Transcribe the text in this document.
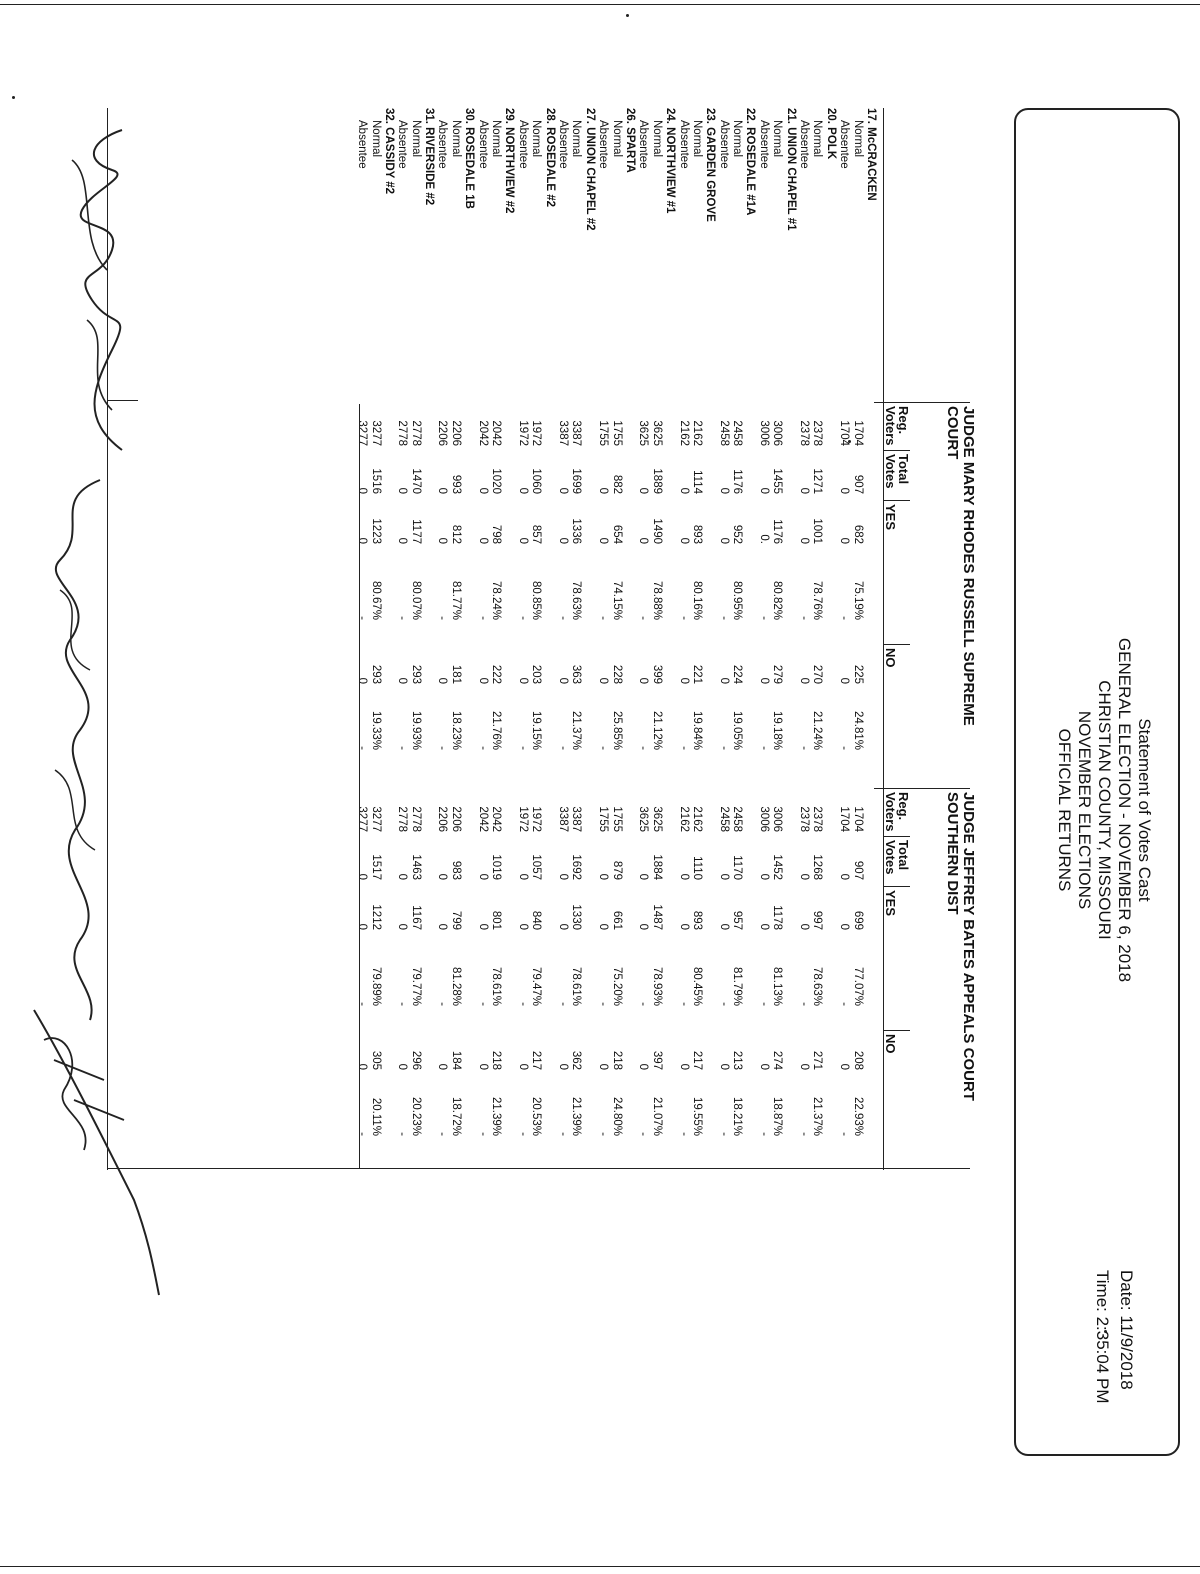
Statement of Votes Cast
GENERAL ELECTION - NOVEMBER 6, 2018
CHRISTIAN COUNTY, MISSOURI
NOVEMBER ELECTIONS
OFFICIAL RETURNS
Date: 11/9/2018
Time: 2:35:04 PM
JUDGE MARY RHODES RUSSELL SUPREME
COURT
JUDGE JEFFREY BATES APPEALS COURT
SOUTHERN DIST
Reg.
Voters
Total
Votes
YES
NO
Reg.
Voters
Total
Votes
YES
NO
17. McCRACKEN
Normal
1704
907
682
75.19%
225
24.81%
1704
907
699
77.07%
208
22.93%
Absentee
1704
0
0
-
0
-
1704
0
0
-
0
-
20. POLK
Normal
2378
1271
1001
78.76%
270
21.24%
2378
1268
997
78.63%
271
21.37%
Absentee
2378
0
0
-
0
-
2378
0
0
-
0
-
21. UNION CHAPEL #1
Normal
3006
1455
1176
80.82%
279
19.18%
3006
1452
1178
81.13%
274
18.87%
Absentee
3006
0
0.
-
0
-
3006
0
0
-
0
-
22. ROSEDALE #1A
Normal
2458
1176
952
80.95%
224
19.05%
2458
1170
957
81.79%
213
18.21%
Absentee
2458
0
0
-
0
-
2458
0
0
-
0
-
23. GARDEN GROVE
Normal
2162
1114
893
80.16%
221
19.84%
2162
1110
893
80.45%
217
19.55%
Absentee
2162
0
0
-
0
-
2162
0
0
-
0
-
24. NORTHVIEW #1
Normal
3625
1889
1490
78.88%
399
21.12%
3625
1884
1487
78.93%
397
21.07%
Absentee
3625
0
0
-
0
-
3625
0
0
-
0
-
26. SPARTA
Normal
1755
882
654
74.15%
228
25.85%
1755
879
661
75.20%
218
24.80%
Absentee
1755
0
0
-
0
-
1755
0
0
-
0
-
27. UNION CHAPEL #2
Normal
3387
1699
1336
78.63%
363
21.37%
3387
1692
1330
78.61%
362
21.39%
Absentee
3387
0
0
-
0
-
3387
0
0
-
0
-
28. ROSEDALE #2
Normal
1972
1060
857
80.85%
203
19.15%
1972
1057
840
79.47%
217
20.53%
Absentee
1972
0
0
-
0
-
1972
0
0
-
0
-
29. NORTHVIEW #2
Normal
2042
1020
798
78.24%
222
21.76%
2042
1019
801
78.61%
218
21.39%
Absentee
2042
0
0
-
0
-
2042
0
0
-
0
-
30. ROSEDALE 1B
Normal
2206
993
812
81.77%
181
18.23%
2206
983
799
81.28%
184
18.72%
Absentee
2206
0
0
-
0
-
2206
0
0
-
0
-
31. RIVERSIDE #2
Normal
2778
1470
1177
80.07%
293
19.93%
2778
1463
1167
79.77%
296
20.23%
Absentee
2778
0
0
-
0
-
2778
0
0
-
0
-
32. CASSIDY #2
Normal
3277
1516
1223
80.67%
293
19.33%
3277
1517
1212
79.89%
305
20.11%
Absentee
3277
0
0
-
0
-
3277
0
0
-
0
-
